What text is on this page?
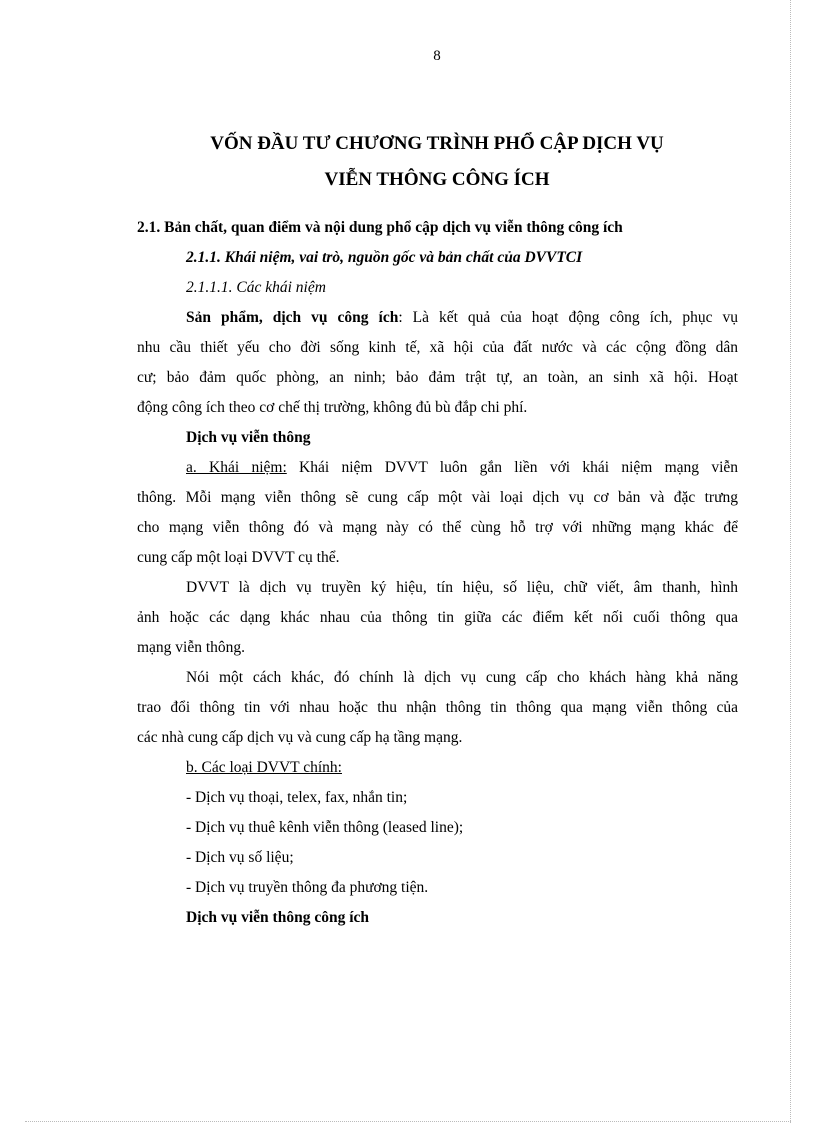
8
VỐN ĐẦU TƯ CHƯƠNG TRÌNH PHỔ CẬP DỊCH VỤ
VIỄN THÔNG CÔNG ÍCH
2.1. Bản chất, quan điểm và nội dung phổ cập dịch vụ viễn thông công ích
2.1.1. Khái niệm, vai trò, nguồn gốc và bản chất của DVVTCI
2.1.1.1. Các khái niệm
Sản phẩm, dịch vụ công ích: Là kết quả của hoạt động công ích, phục vụ
nhu cầu thiết yếu cho đời sống kinh tế, xã hội của đất nước và các cộng đồng dân
cư; bảo đảm quốc phòng, an ninh; bảo đảm trật tự, an toàn, an sinh xã hội. Hoạt
động công ích theo cơ chế thị trường, không đủ bù đắp chi phí.
Dịch vụ viễn thông
a. Khái niệm: Khái niệm DVVT luôn gắn liền với khái niệm mạng viễn
thông. Mỗi mạng viễn thông sẽ cung cấp một vài loại dịch vụ cơ bản và đặc trưng
cho mạng viễn thông đó và mạng này có thể cùng hỗ trợ với những mạng khác để
cung cấp một loại DVVT cụ thể.
DVVT là dịch vụ truyền ký hiệu, tín hiệu, số liệu, chữ viết, âm thanh, hình
ảnh hoặc các dạng khác nhau của thông tin giữa các điểm kết nối cuối thông qua
mạng viễn thông.
Nói một cách khác, đó chính là dịch vụ cung cấp cho khách hàng khả năng
trao đổi thông tin với nhau hoặc thu nhận thông tin thông qua mạng viễn thông của
các nhà cung cấp dịch vụ và cung cấp hạ tầng mạng.
b. Các loại DVVT chính:
- Dịch vụ thoại, telex, fax, nhắn tin;
- Dịch vụ thuê kênh viễn thông (leased line);
- Dịch vụ số liệu;
- Dịch vụ truyền thông đa phương tiện.
Dịch vụ viễn thông công ích
